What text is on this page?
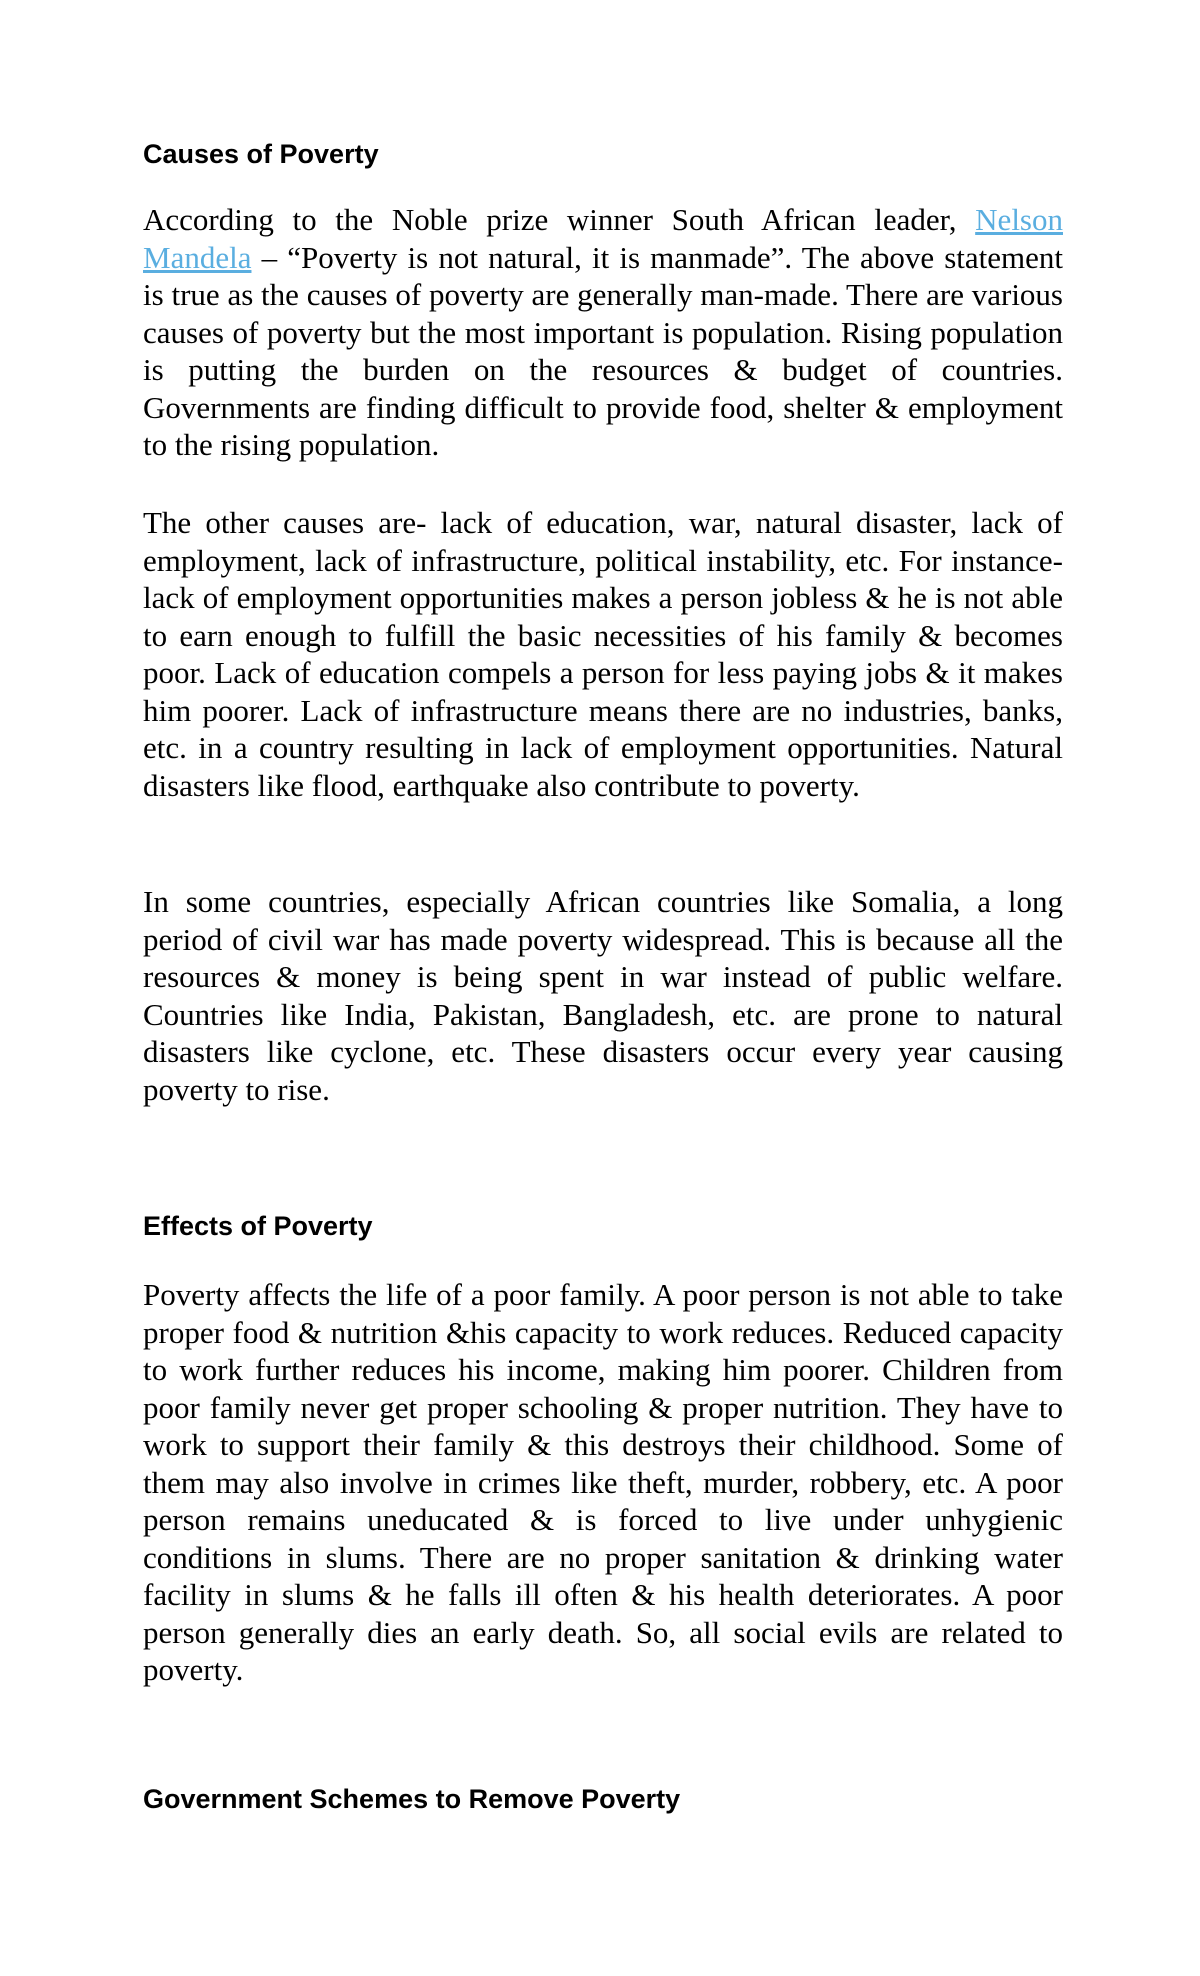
Causes of Poverty

According to the Noble prize winner South African leader, Nelson Mandela – “Poverty is not natural, it is manmade”. The above statement is true as the causes of poverty are generally man-made. There are various causes of poverty but the most important is population. Rising population is putting the burden on the resources & budget of countries. Governments are finding difficult to provide food, shelter & employment to the rising population.

The other causes are- lack of education, war, natural disaster, lack of employment, lack of infrastructure, political instability, etc. For instance- lack of employment opportunities makes a person jobless & he is not able to earn enough to fulfill the basic necessities of his family & becomes poor. Lack of education compels a person for less paying jobs & it makes him poorer. Lack of infrastructure means there are no industries, banks, etc. in a country resulting in lack of employment opportunities. Natural disasters like flood, earthquake also contribute to poverty.

In some countries, especially African countries like Somalia, a long period of civil war has made poverty widespread. This is because all the resources & money is being spent in war instead of public welfare. Countries like India, Pakistan, Bangladesh, etc. are prone to natural disasters like cyclone, etc. These disasters occur every year causing poverty to rise.

Effects of Poverty

Poverty affects the life of a poor family. A poor person is not able to take proper food & nutrition &his capacity to work reduces. Reduced capacity to work further reduces his income, making him poorer. Children from poor family never get proper schooling & proper nutrition. They have to work to support their family & this destroys their childhood. Some of them may also involve in crimes like theft, murder, robbery, etc. A poor person remains uneducated & is forced to live under unhygienic conditions in slums. There are no proper sanitation & drinking water facility in slums & he falls ill often & his health deteriorates. A poor person generally dies an early death. So, all social evils are related to poverty.

Government Schemes to Remove Poverty
